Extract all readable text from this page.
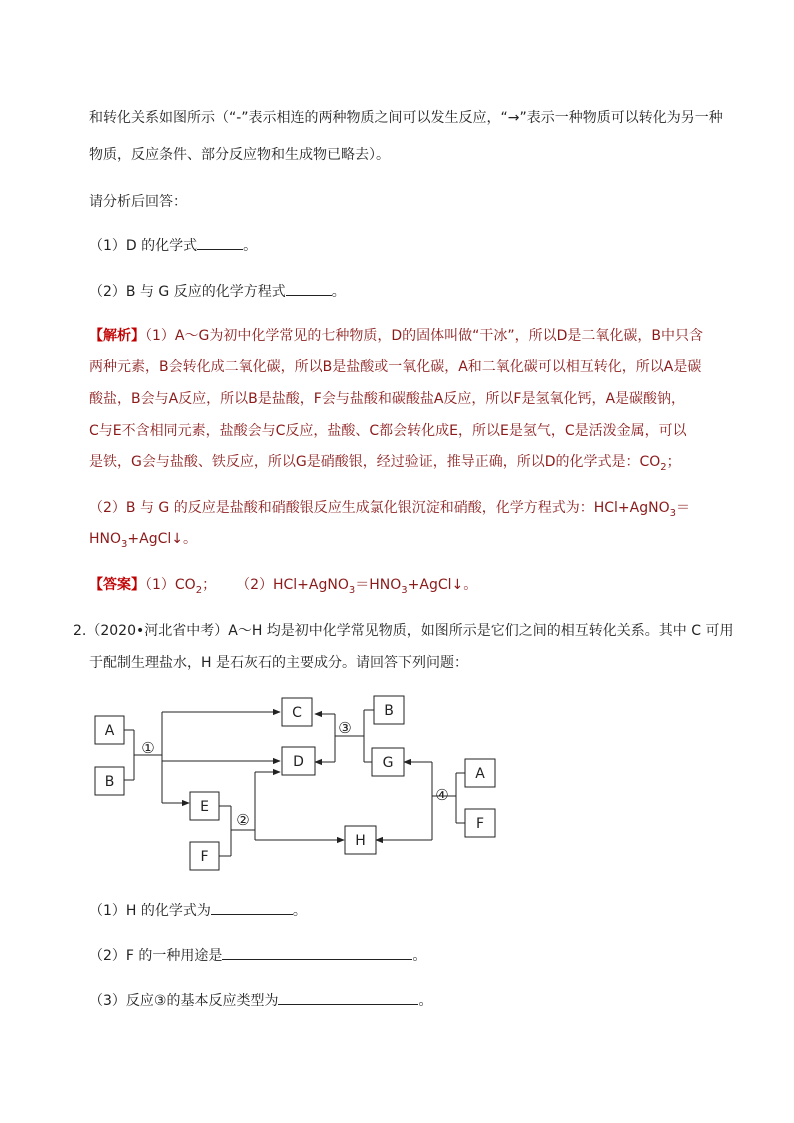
和转化关系如图所示（“-”表示相连的两种物质之间可以发生反应，“→”表示一种物质可以转化为另一种
物质，反应条件、部分反应物和生成物已略去）。
请分析后回答：
（1）D 的化学式	。
（2）B 与 G 反应的化学方程式	。
【解析】（1）A～G为初中化学常见的七种物质，D的固体叫做“干冰”，所以D是二氧化碳，B中只含
两种元素，B会转化成二氧化碳，所以B是盐酸或一氧化碳，A和二氧化碳可以相互转化，所以A是碳
酸盐，B会与A反应，所以B是盐酸，F会与盐酸和碳酸盐A反应，所以F是氢氧化钙，A是碳酸钠，
C与E不含相同元素，盐酸会与C反应，盐酸、C都会转化成E，所以E是氢气，C是活泼金属，可以
是铁，G会与盐酸、铁反应，所以G是硝酸银，经过验证，推导正确，所以D的化学式是：$CO_2$；
（2）B 与 G 的反应是盐酸和硝酸银反应生成氯化银沉淀和硝酸，化学方程式为：HCl+AgNO$_3$＝
$HNO_3+AgCl↓$。
【答案】$(1)CO_2$； $(2)HCl+AgNO_3=HNO_3+AgCl↓$。
2.（2020•河北省中考）A～H 均是初中化学常见物质，如图所示是它们之间的相互转化关系。其中 C 可用
于配制生理盐水，H 是石灰石的主要成分。请回答下列问题：
A
B
C
D
B
G
E
F
H
A
F
①
②
③
④
（1）H 的化学式为	。
（2）F 的一种用途是	。
（3）反应③的基本反应类型为	。
